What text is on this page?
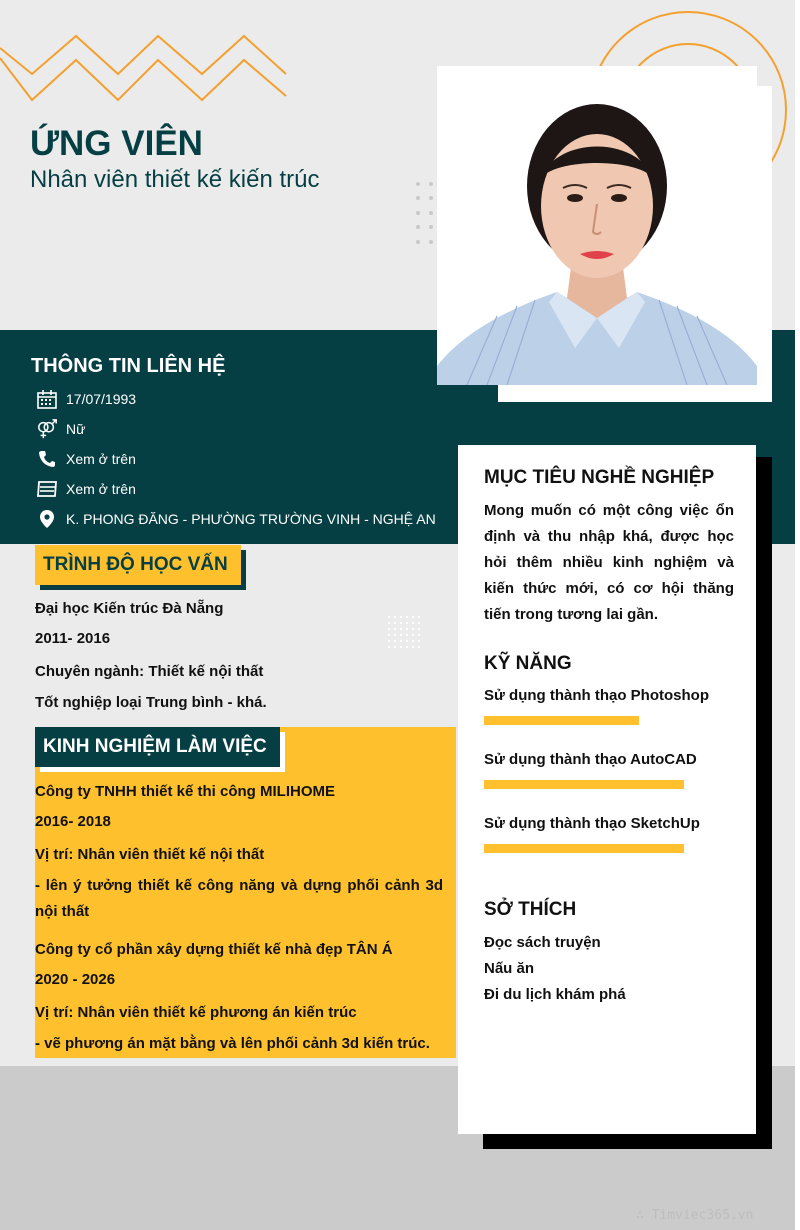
ỨNG VIÊN
Nhân viên thiết kế kiến trúc
THÔNG TIN LIÊN HỆ
17/07/1993
Nữ
Xem ở trên
Xem ở trên
K. PHONG ĐĂNG - PHƯỜNG TRƯỜNG VINH - NGHỆ AN
TRÌNH ĐỘ HỌC VẤN
Đại học Kiến trúc Đà Nẵng
2011- 2016
Chuyên ngành: Thiết kế nội thất
Tốt nghiệp loại Trung bình - khá.
KINH NGHIỆM LÀM VIỆC
Công ty TNHH thiết kế thi công MILIHOME
2016- 2018
Vị trí: Nhân viên thiết kế nội thất
- lên ý tưởng thiết kế công năng và dựng phối cảnh 3d nội thất
Công ty cổ phần xây dựng thiết kế nhà đẹp TÂN Á
2020 - 2026
Vị trí: Nhân viên thiết kế phương án kiến trúc
- vẽ phương án mặt bằng và lên phối cảnh 3d kiến trúc.
MỤC TIÊU NGHỀ NGHIỆP
Mong muốn có một công việc ổn định và thu nhập khá, được học hỏi thêm nhiều kinh nghiệm và kiến thức mới, có cơ hội thăng tiến trong tương lai gần.
KỸ NĂNG
Sử dụng thành thạo Photoshop
Sử dụng thành thạo AutoCAD
Sử dụng thành thạo SketchUp
SỞ THÍCH
Đọc sách truyện
Nấu ăn
Đi du lịch khám phá
∴ Timviec365.vn
